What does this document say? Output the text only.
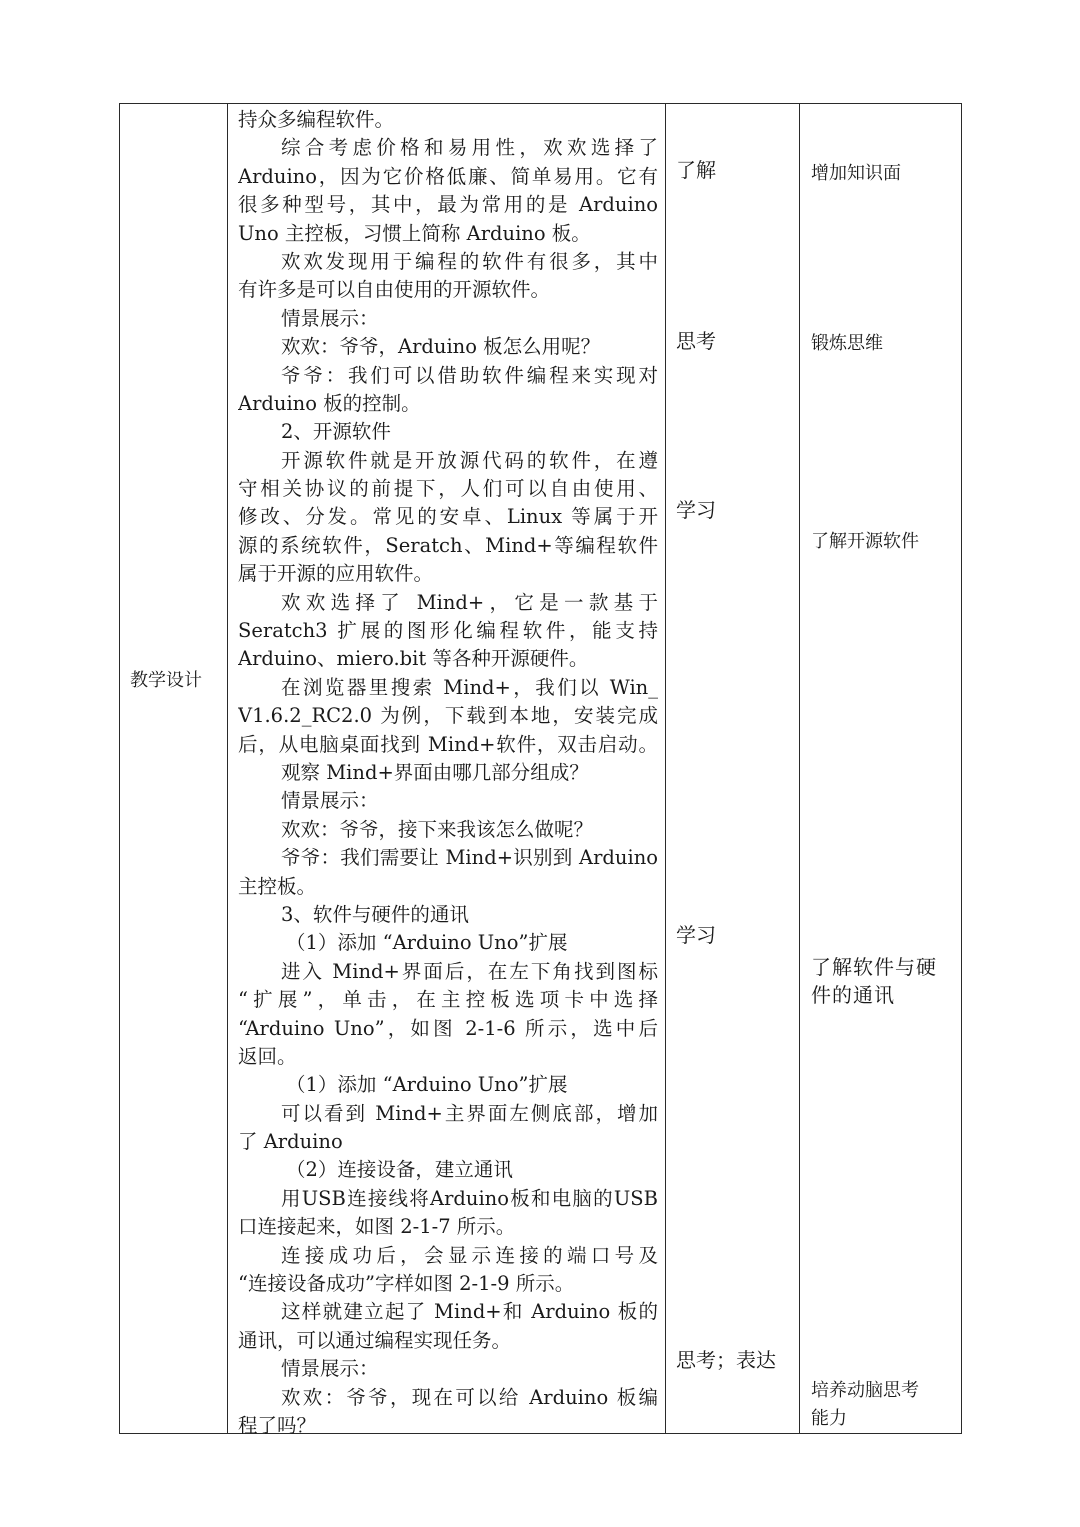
教学设计
持众多编程软件。
综合考虑价格和易用性，欢欢选择了
Arduino，因为它价格低廉、简单易用。它有
很多种型号，其中，最为常用的是 Arduino
Uno 主控板，习惯上简称 Arduino 板。
欢欢发现用于编程的软件有很多，其中
有许多是可以自由使用的开源软件。
情景展示：
欢欢：爷爷，Arduino 板怎么用呢？
爷爷：我们可以借助软件编程来实现对
Arduino 板的控制。
2、开源软件
开源软件就是开放源代码的软件，在遵
守相关协议的前提下，人们可以自由使用、
修改、分发。常见的安卓、Linux 等属于开
源的系统软件，Seratch、Mind+等编程软件
属于开源的应用软件。
欢欢选择了 Mind+，它是一款基于
Seratch3 扩展的图形化编程软件，能支持
Arduino、miero.bit 等各种开源硬件。
在浏览器里搜索 Mind+，我们以 Win_
V1.6.2_RC2.0 为例，下载到本地，安装完成
后，从电脑桌面找到 Mind+软件，双击启动。
观察 Mind+界面由哪几部分组成？
情景展示：
欢欢：爷爷，接下来我该怎么做呢？
爷爷：我们需要让 Mind+识别到 Arduino
主控板。
3、软件与硬件的通讯
（1）添加 “Arduino Uno”扩展
进入 Mind+界面后，在左下角找到图标
“扩展”，单击，在主控板选项卡中选择
“Arduino Uno”，如图 2-1-6 所示，选中后
返回。
（1）添加 “Arduino Uno”扩展
可以看到 Mind+主界面左侧底部，增加
了 Arduino
（2）连接设备，建立通讯
用USB连接线将Arduino板和电脑的USB
口连接起来，如图 2-1-7 所示。
连接成功后，会显示连接的端口号及
“连接设备成功”字样如图 2-1-9 所示。
这样就建立起了 Mind+和 Arduino 板的
通讯，可以通过编程实现任务。
情景展示：
欢欢：爷爷，现在可以给 Arduino 板编
程了吗？
了解
思考
学习
学习
思考；表达
增加知识面
锻炼思维
了解开源软件
了解软件与硬
件的通讯
培养动脑思考
能力
